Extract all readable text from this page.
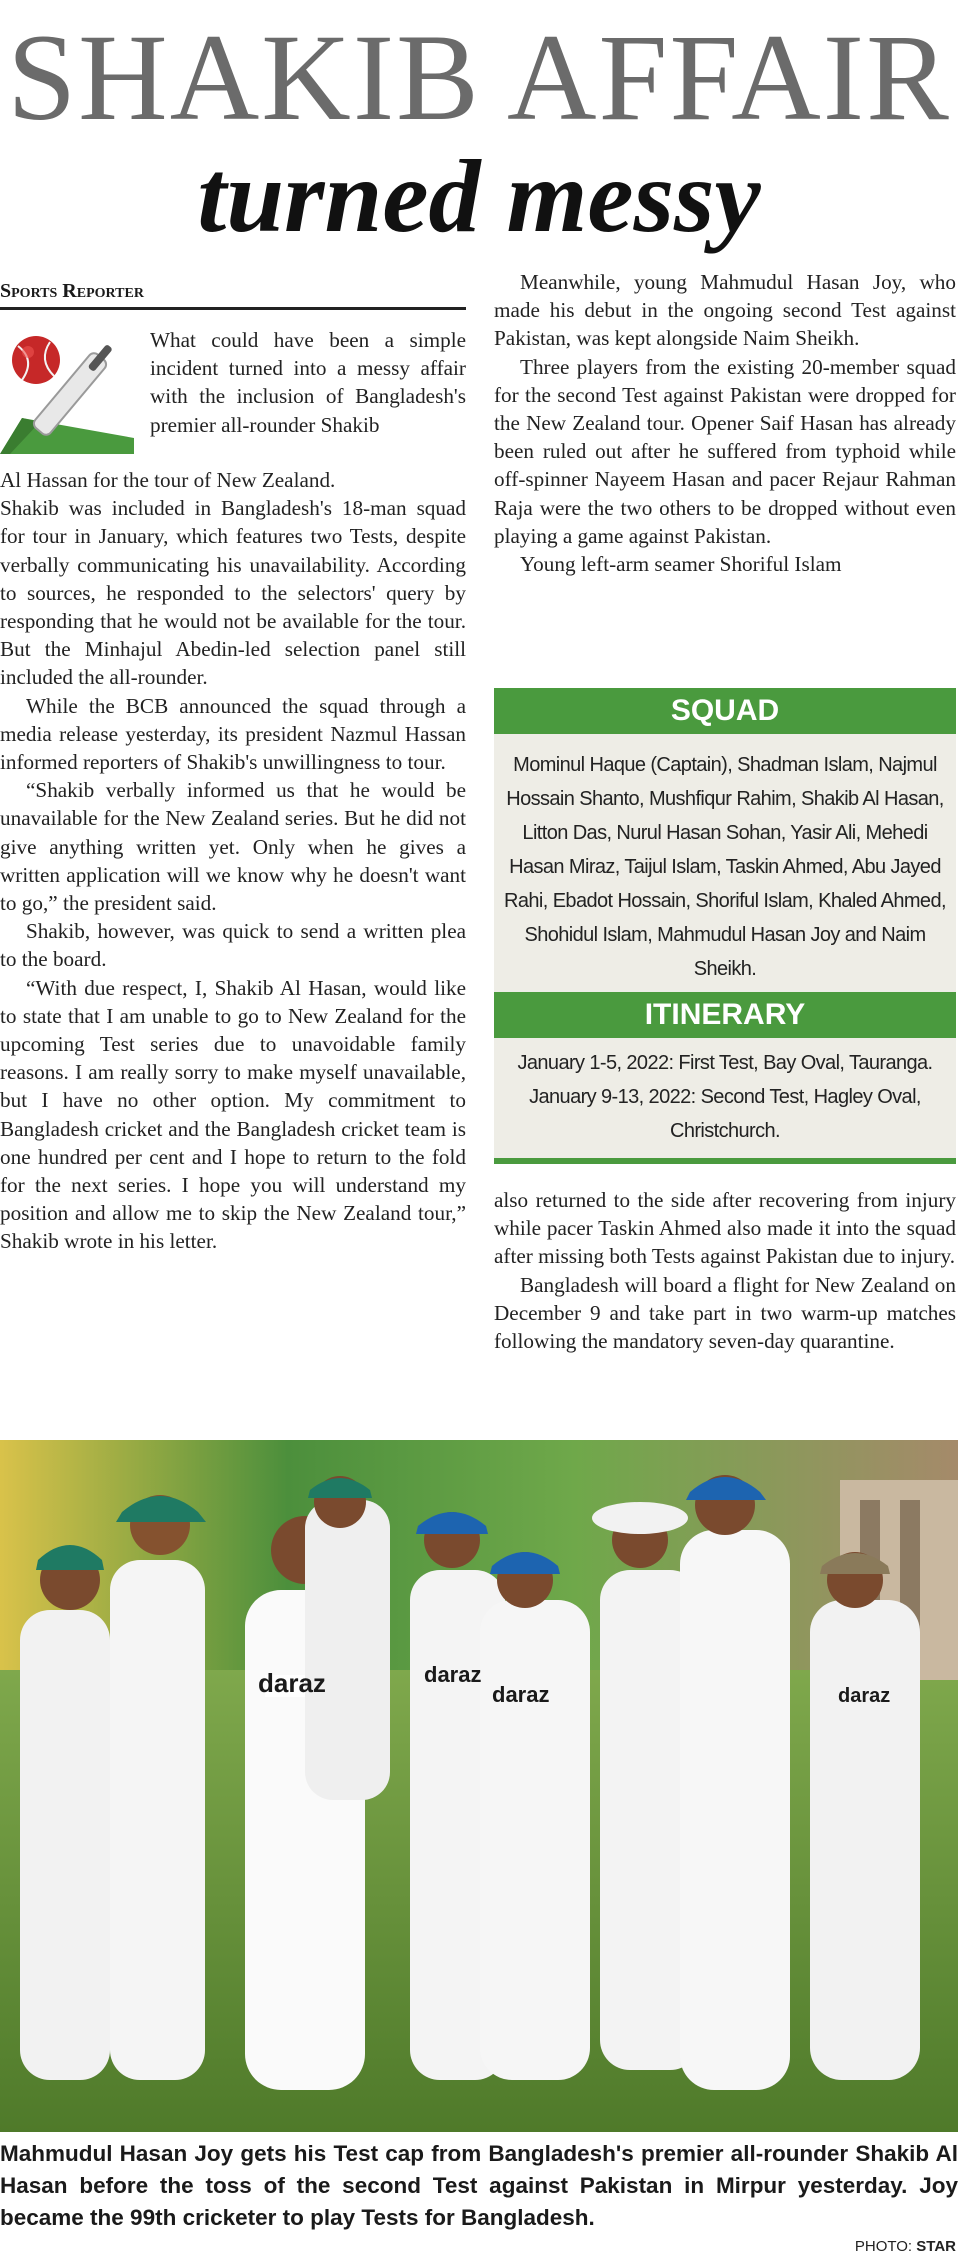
SHAKIB AFFAIR
turned messy
Sports Reporter

What could have been a simple incident turned into a messy affair with the inclusion of Bangladesh's premier all-rounder Shakib

Al Hassan for the tour of New Zealand.

Shakib was included in Bangladesh's 18-man squad for tour in January, which features two Tests, despite verbally communicating his unavailability. According to sources, he responded to the selectors' query by responding that he would not be available for the tour. But the Minhajul Abedin-led selection panel still included the all-rounder.

While the BCB announced the squad through a media release yesterday, its president Nazmul Hassan informed reporters of Shakib's unwillingness to tour.

“Shakib verbally informed us that he would be unavailable for the New Zealand series. But he did not give anything written yet. Only when he gives a written application will we know why he doesn't want to go,” the president said.

Shakib, however, was quick to send a written plea to the board.

“With due respect, I, Shakib Al Hasan, would like to state that I am unable to go to New Zealand for the upcoming Test series due to unavoidable family reasons. I am really sorry to make myself unavailable, but I have no other option. My commitment to Bangladesh cricket and the Bangladesh cricket team is one hundred per cent and I hope to return to the fold for the next series. I hope you will understand my position and allow me to skip the New Zealand tour,” Shakib wrote in his letter.

Meanwhile, young Mahmudul Hasan Joy, who made his debut in the ongoing second Test against Pakistan, was kept alongside Naim Sheikh.

Three players from the existing 20-member squad for the second Test against Pakistan were dropped for the New Zealand tour. Opener Saif Hasan has already been ruled out after he suffered from typhoid while off-spinner Nayeem Hasan and pacer Rejaur Rahman Raja were the two others to be dropped without even playing a game against Pakistan.

Young left-arm seamer Shoriful Islam

SQUAD
Mominul Haque (Captain), Shadman Islam, Najmul Hossain Shanto, Mushfiqur Rahim, Shakib Al Hasan, Litton Das, Nurul Hasan Sohan, Yasir Ali, Mehedi Hasan Miraz, Taijul Islam, Taskin Ahmed, Abu Jayed Rahi, Ebadot Hossain, Shoriful Islam, Khaled Ahmed, Shohidul Islam, Mahmudul Hasan Joy and Naim Sheikh.
ITINERARY
January 1-5, 2022: First Test, Bay Oval, Tauranga.
January 9-13, 2022: Second Test, Hagley Oval, Christchurch.

also returned to the side after recovering from injury while pacer Taskin Ahmed also made it into the squad after missing both Tests against Pakistan due to injury.

Bangladesh will board a flight for New Zealand on December 9 and take part in two warm-up matches following the mandatory seven-day quarantine.

daraz	daraz
daraz	daraz
Mahmudul Hasan Joy gets his Test cap from Bangladesh's premier all-rounder Shakib Al Hasan before the toss of the second Test against Pakistan in Mirpur yesterday. Joy became the 99th cricketer to play Tests for Bangladesh.
PHOTO: STAR
